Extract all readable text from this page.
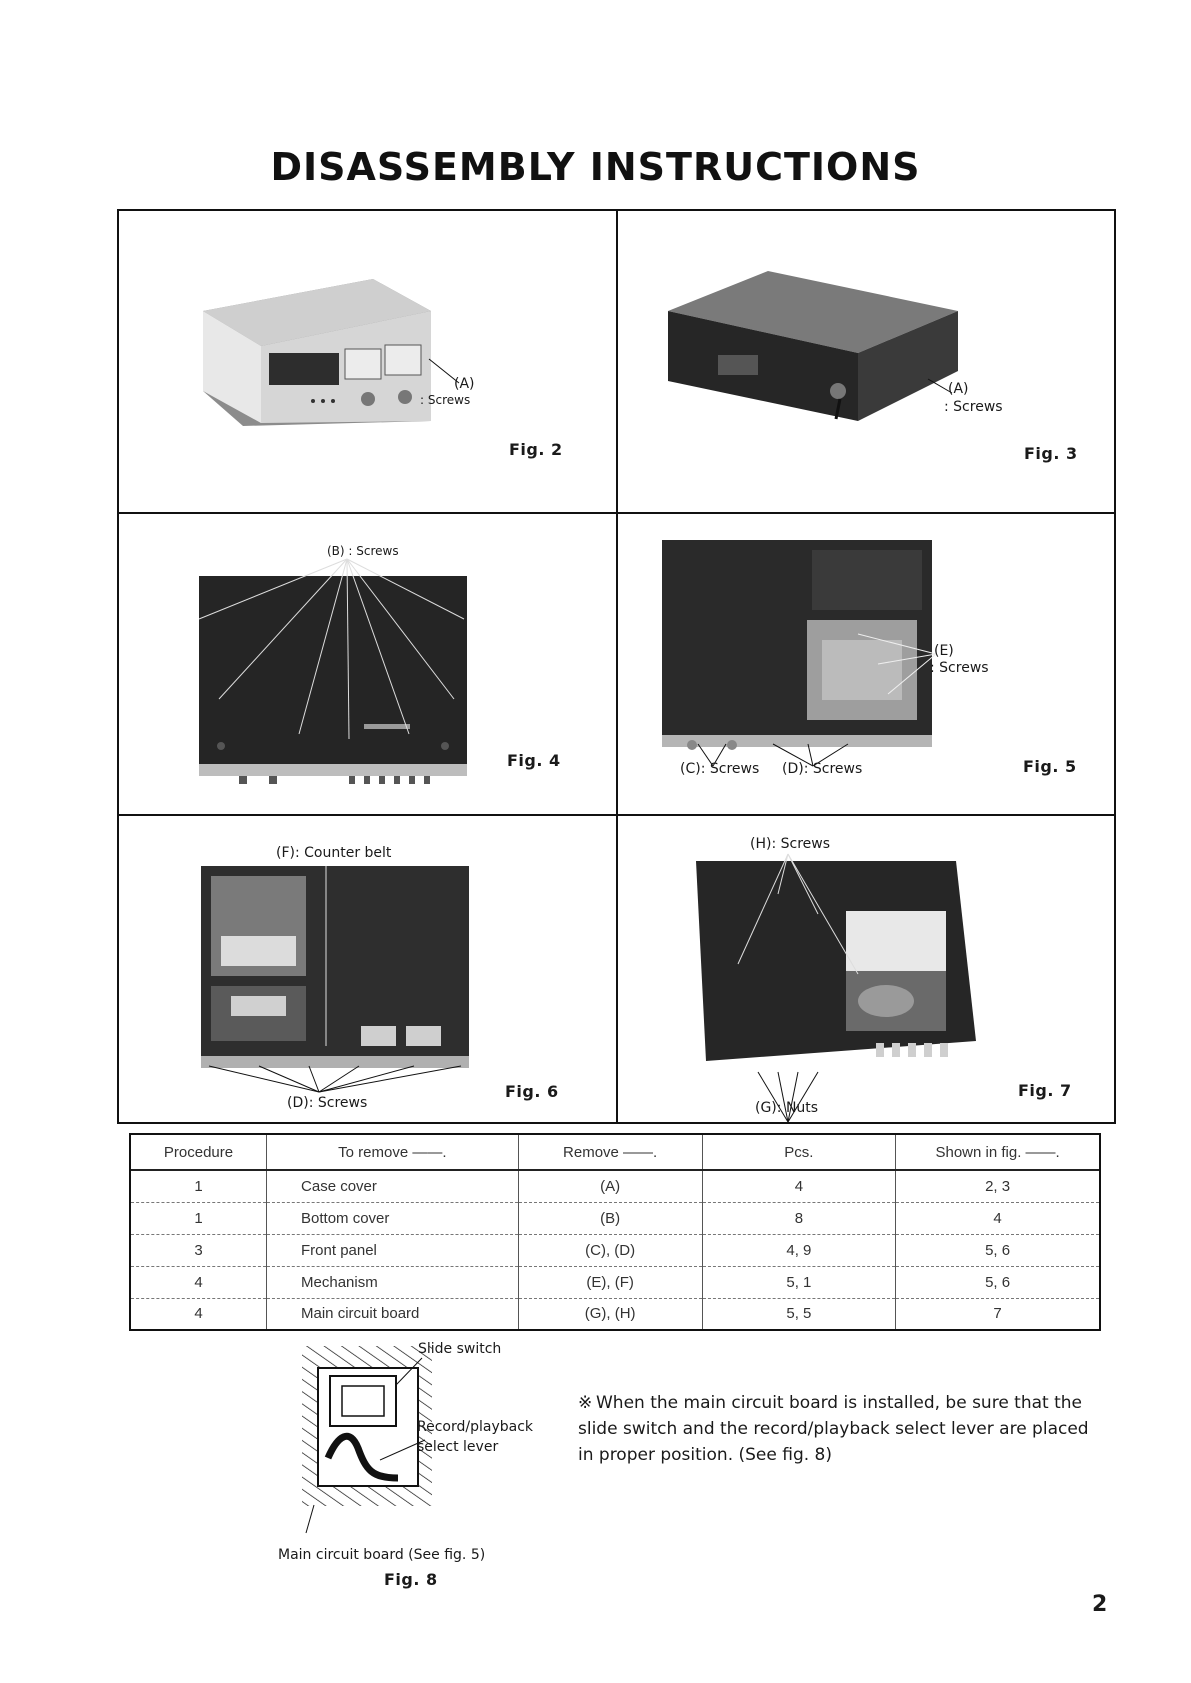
DISASSEMBLY INSTRUCTIONS
(A)
: Screws
Fig. 2
(A)
: Screws
Fig. 3
(B) : Screws
Fig. 4
(E)
: Screws
(C): Screws (D): Screws	Fig. 5
(F): Counter belt
(D): Screws
Fig. 6
(H): Screws
(G): Nuts
Fig. 7
Procedure	To remove ——.	Remove ——.	Pcs.	Shown in fig. ——.
1	Case cover	(A)	4	2, 3
1	Bottom cover	(B)	8	4
3	Front panel	(C), (D)	4, 9	5, 6
4	Mechanism	(E), (F)	5, 1	5, 6
4	Main circuit board	(G), (H)	5, 5	7
Slide switch
Record/playback
select lever
Main circuit board (See fig. 5)
Fig. 8
※ When the main circuit board is installed, be sure that the slide switch and the record/playback select lever are placed in proper position. (See fig. 8)
2
